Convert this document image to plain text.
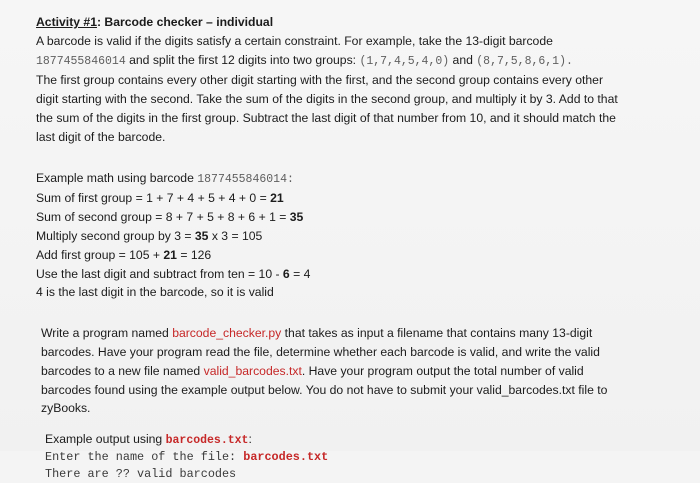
Activity #1: Barcode checker – individual
A barcode is valid if the digits satisfy a certain constraint. For example, take the 13-digit barcode
1877455846014 and split the first 12 digits into two groups: (1,7,4,5,4,0) and (8,7,5,8,6,1).
The first group contains every other digit starting with the first, and the second group contains every other
digit starting with the second. Take the sum of the digits in the second group, and multiply it by 3. Add to that
the sum of the digits in the first group. Subtract the last digit of that number from 10, and it should match the
last digit of the barcode.
Example math using barcode 1877455846014:
Sum of first group = 1 + 7 + 4 + 5 + 4 + 0 = 21
Sum of second group = 8 + 7 + 5 + 8 + 6 + 1 = 35
Multiply second group by 3 = 35 x 3 = 105
Add first group = 105 + 21 = 126
Use the last digit and subtract from ten = 10 - 6 = 4
4 is the last digit in the barcode, so it is valid
Write a program named barcode_checker.py that takes as input a filename that contains many 13-digit
barcodes. Have your program read the file, determine whether each barcode is valid, and write the valid
barcodes to a new file named valid_barcodes.txt. Have your program output the total number of valid
barcodes found using the example output below. You do not have to submit your valid_barcodes.txt file to
zyBooks.
Example output using barcodes.txt:
Enter the name of the file: barcodes.txt
There are ?? valid barcodes
